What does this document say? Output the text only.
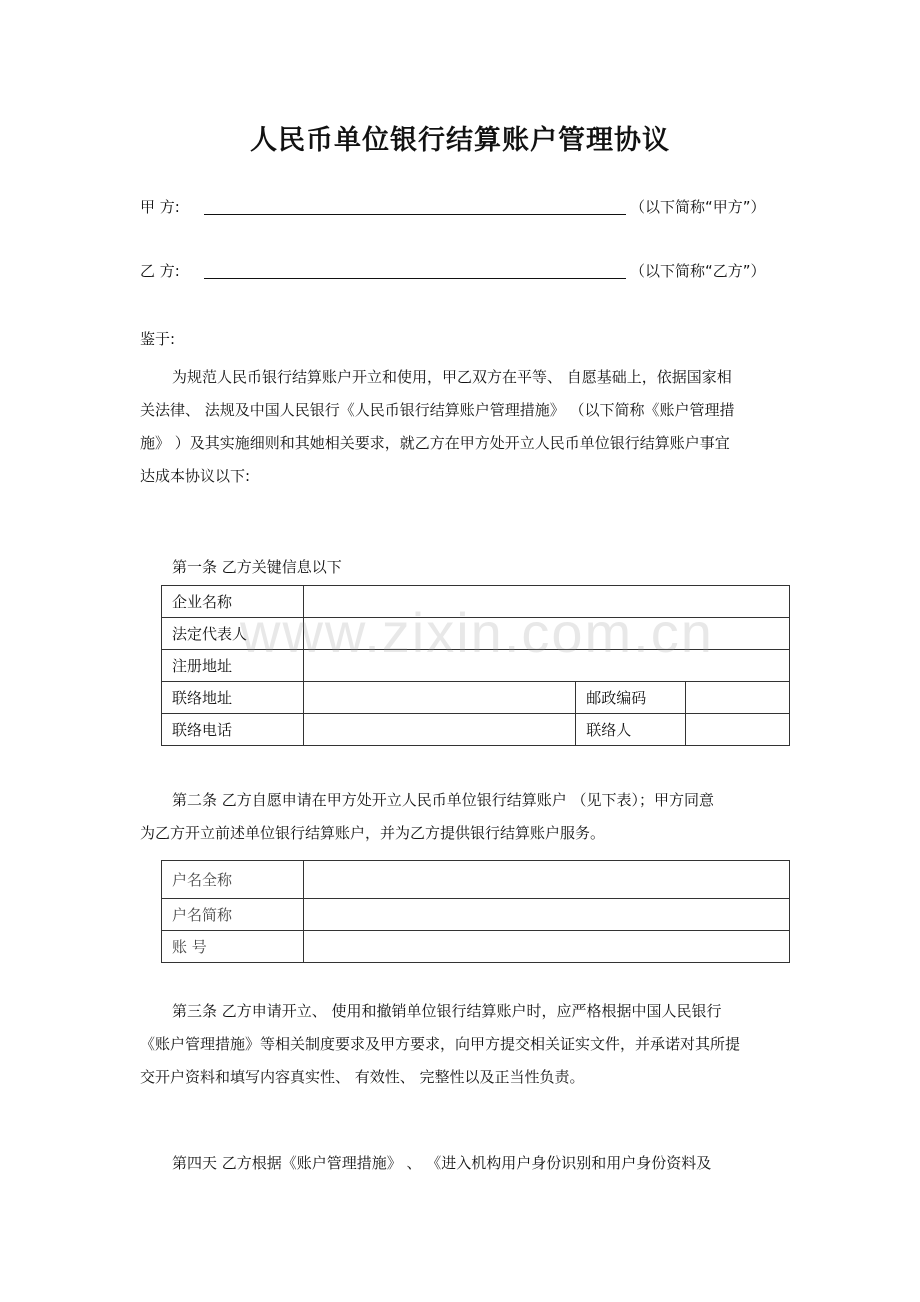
人民币单位银行结算账户管理协议
甲 方:	（以下简称“甲方”）
乙 方:	（以下简称“乙方”）
鉴于:
为规范人民币银行结算账户开立和使用，甲乙双方在平等、 自愿基础上，依据国家相
关法律、 法规及中国人民银行《人民币银行结算账户管理措施》 （以下简称《账户管理措
施》 ）及其实施细则和其她相关要求，就乙方在甲方处开立人民币单位银行结算账户事宜
达成本协议以下:
第一条 乙方关键信息以下
企业名称			
法定代表人			
注册地址			
联络地址		邮政编码	
联络电话		联络人	
www.zixin.com.cn
第二条 乙方自愿申请在甲方处开立人民币单位银行结算账户 （见下表）；甲方同意
为乙方开立前述单位银行结算账户，并为乙方提供银行结算账户服务。
户名全称	
户名简称	
账 号	
第三条 乙方申请开立、 使用和撤销单位银行结算账户时，应严格根据中国人民银行
《账户管理措施》等相关制度要求及甲方要求，向甲方提交相关证实文件，并承诺对其所提
交开户资料和填写内容真实性、 有效性、 完整性以及正当性负责。
第四天 乙方根据《账户管理措施》 、 《进入机构用户身份识别和用户身份资料及
